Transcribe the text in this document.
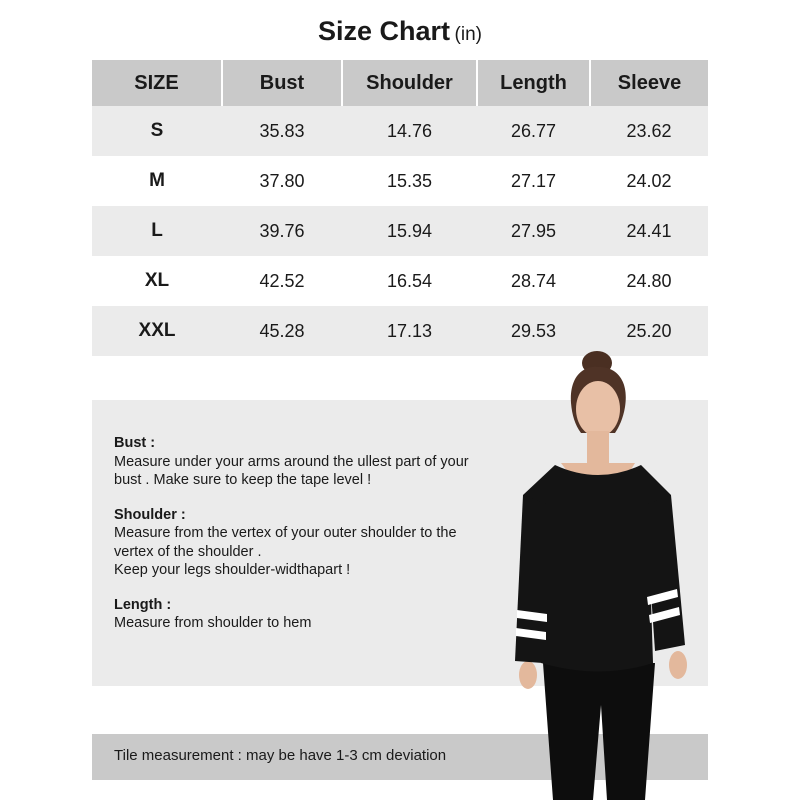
Size Chart (in)
SIZE	Bust	Shoulder	Length	Sleeve
S	35.83	14.76	26.77	23.62
M	37.80	15.35	27.17	24.02
L	39.76	15.94	27.95	24.41
XL	42.52	16.54	28.74	24.80
XXL	45.28	17.13	29.53	25.20
Bust :
Measure under your arms around the ullest part of your
bust . Make sure to keep the tape level !
Shoulder :
Measure from the vertex of your outer shoulder to the
vertex of the shoulder .
Keep your legs shoulder-widthapart !
Length :
Measure from shoulder to hem
Tile measurement : may be have 1-3 cm deviation
